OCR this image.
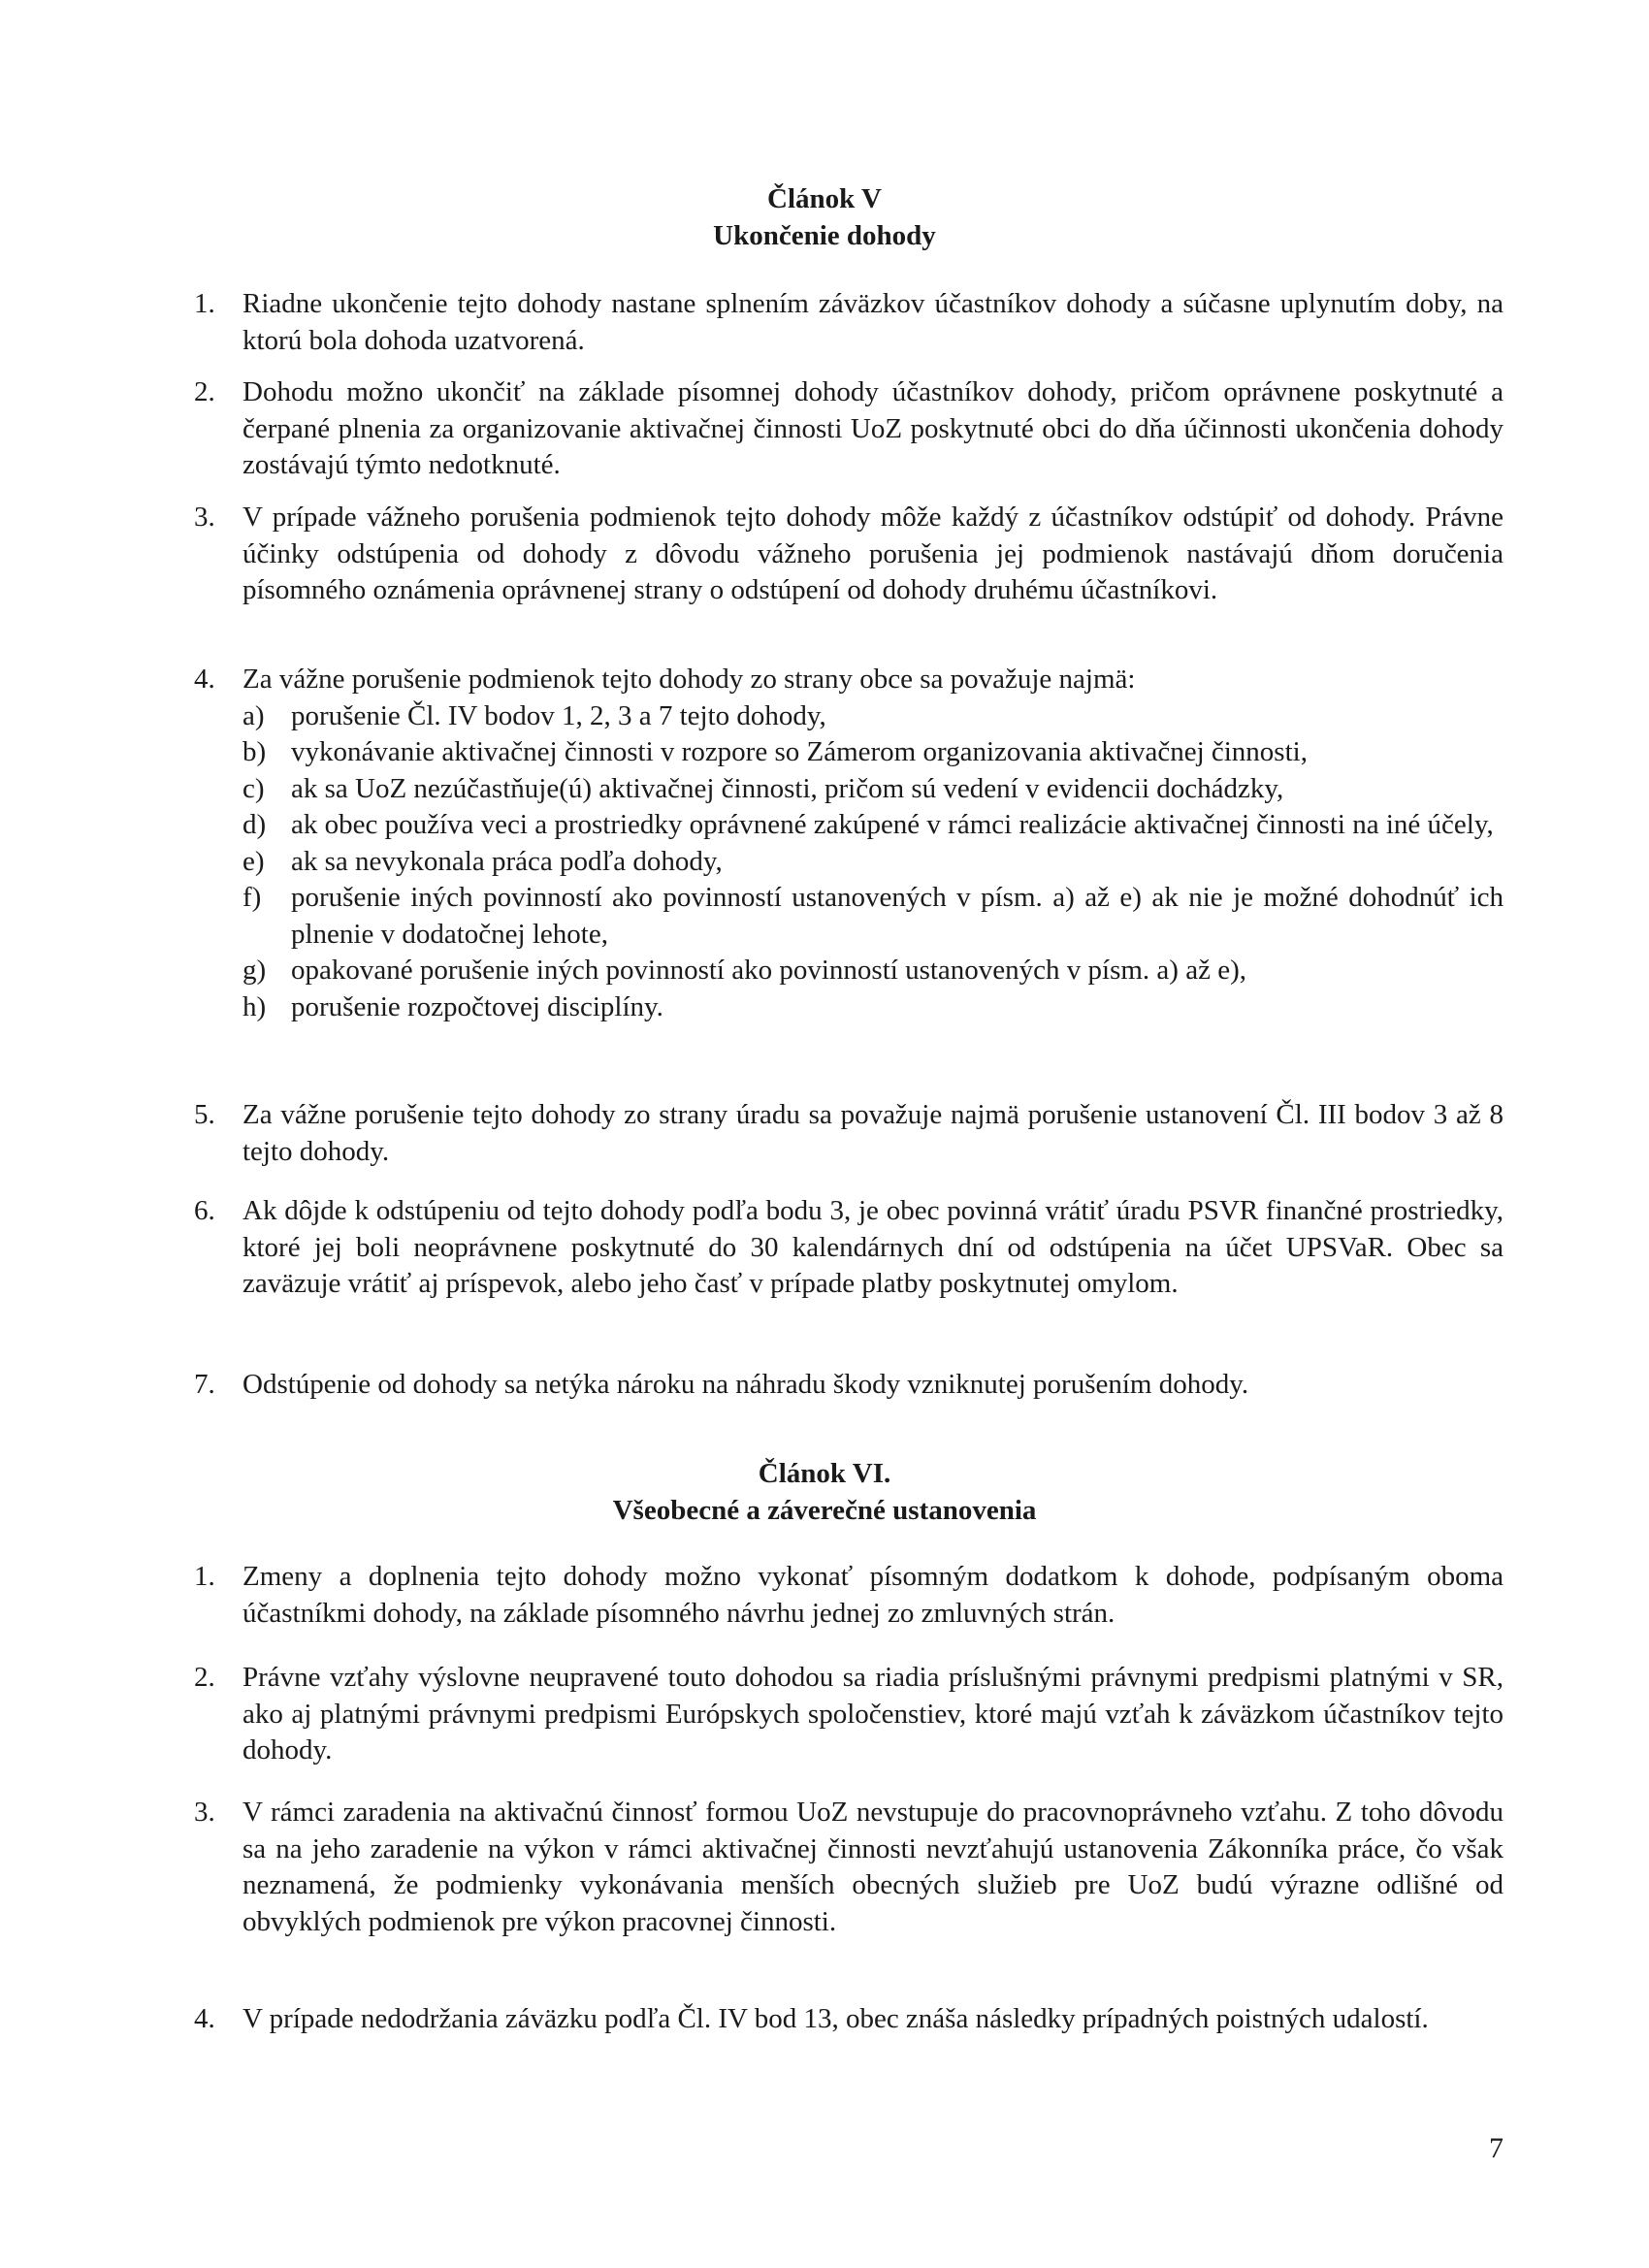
Článok V
Ukončenie dohody
1. Riadne ukončenie tejto dohody nastane splnením záväzkov účastníkov dohody a súčasne uplynutím doby, na ktorú bola dohoda uzatvorená.
2. Dohodu možno ukončiť na základe písomnej dohody účastníkov dohody, pričom oprávnene poskytnuté a čerpané plnenia za organizovanie aktivačnej činnosti UoZ poskytnuté obci do dňa účinnosti ukončenia dohody zostávajú týmto nedotknuté.
3. V prípade vážneho porušenia podmienok tejto dohody môže každý z účastníkov odstúpiť od dohody. Právne účinky odstúpenia od dohody z dôvodu vážneho porušenia jej podmienok nastávajú dňom doručenia písomného oznámenia oprávnenej strany o odstúpení od dohody druhému účastníkovi.
4. Za vážne porušenie podmienok tejto dohody zo strany obce sa považuje najmä:
a) porušenie Čl. IV bodov 1, 2, 3 a 7 tejto dohody,
b) vykonávanie aktivačnej činnosti v rozpore so Zámerom organizovania aktivačnej činnosti,
c) ak sa UoZ nezúčastňuje(ú) aktivačnej činnosti, pričom sú vedení v evidencii dochádzky,
d) ak obec používa veci a prostriedky oprávnené zakúpené v rámci realizácie aktivačnej činnosti na iné účely,
e) ak sa nevykonala práca podľa dohody,
f) porušenie iných povinností ako povinností ustanovených v písm. a) až e) ak nie je možné dohodnúť ich plnenie v dodatočnej lehote,
g) opakované porušenie iných povinností ako povinností ustanovených v písm. a) až e),
h) porušenie rozpočtovej disciplíny.
5. Za vážne porušenie tejto dohody zo strany úradu sa považuje najmä porušenie ustanovení Čl. III bodov 3 až 8 tejto dohody.
6. Ak dôjde k odstúpeniu od tejto dohody podľa bodu 3, je obec povinná vrátiť úradu PSVR finančné prostriedky, ktoré jej boli neoprávnene poskytnuté do 30 kalendárnych dní od odstúpenia na účet UPSVaR. Obec sa zaväzuje vrátiť aj príspevok, alebo jeho časť v prípade platby poskytnutej omylom.
7. Odstúpenie od dohody sa netýka nároku na náhradu škody vzniknutej porušením dohody.
Článok VI.
Všeobecné a záverečné ustanovenia
1. Zmeny a doplnenia tejto dohody možno vykonať písomným dodatkom k dohode, podpísaným oboma účastníkmi dohody, na základe písomného návrhu jednej zo zmluvných strán.
2. Právne vzťahy výslovne neupravené touto dohodou sa riadia príslušnými právnymi predpismi platnými v SR, ako aj platnými právnymi predpismi Európskych spoločenstiev, ktoré majú vzťah k záväzkom účastníkov tejto dohody.
3. V rámci zaradenia na aktivačnú činnosť formou UoZ nevstupuje do pracovnoprávneho vzťahu. Z toho dôvodu sa na jeho zaradenie na výkon v rámci aktivačnej činnosti nevzťahujú ustanovenia Zákonníka práce, čo však neznamená, že podmienky vykonávania menších obecných služieb pre UoZ budú výrazne odlišné od obvyklých podmienok pre výkon pracovnej činnosti.
4. V prípade nedodržania záväzku podľa Čl. IV bod 13, obec znáša následky prípadných poistných udalostí.
7
